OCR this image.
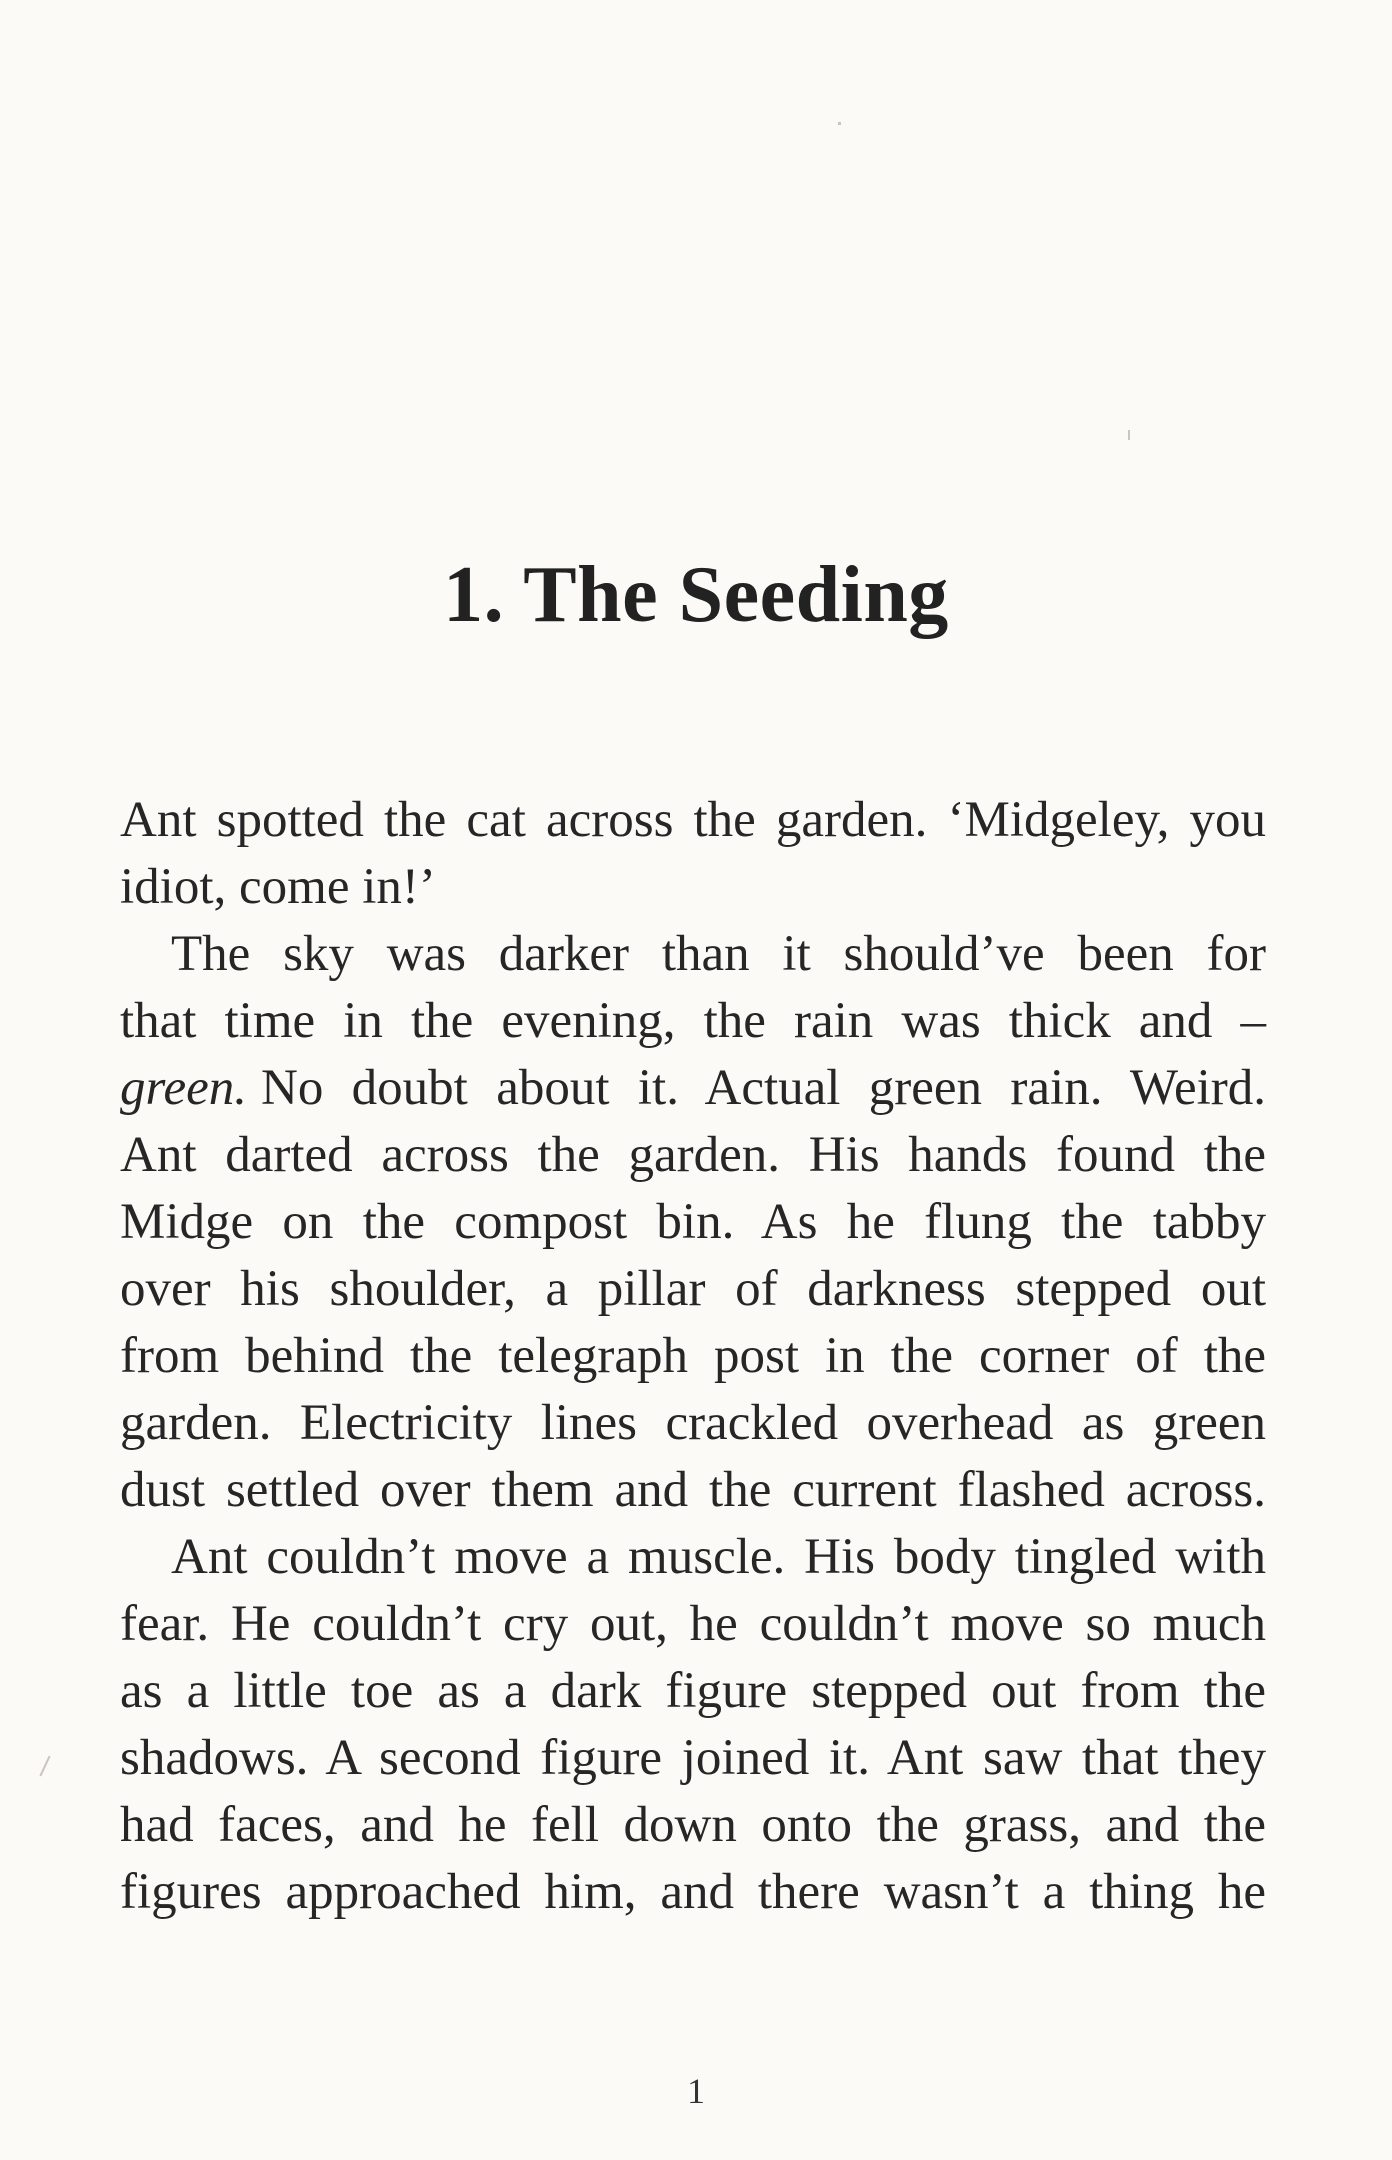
1. The Seeding
Ant spotted the cat across the garden. ‘Midgeley, you
idiot, come in!’
The sky was darker than it should’ve been for
that time in the evening, the rain was thick and –
green. No doubt about it. Actual green rain. Weird.
Ant darted across the garden. His hands found the
Midge on the compost bin. As he flung the tabby
over his shoulder, a pillar of darkness stepped out
from behind the telegraph post in the corner of the
garden. Electricity lines crackled overhead as green
dust settled over them and the current flashed across.
Ant couldn’t move a muscle. His body tingled with
fear. He couldn’t cry out, he couldn’t move so much
as a little toe as a dark figure stepped out from the
shadows. A second figure joined it. Ant saw that they
had faces, and he fell down onto the grass, and the
figures approached him, and there wasn’t a thing he
1
